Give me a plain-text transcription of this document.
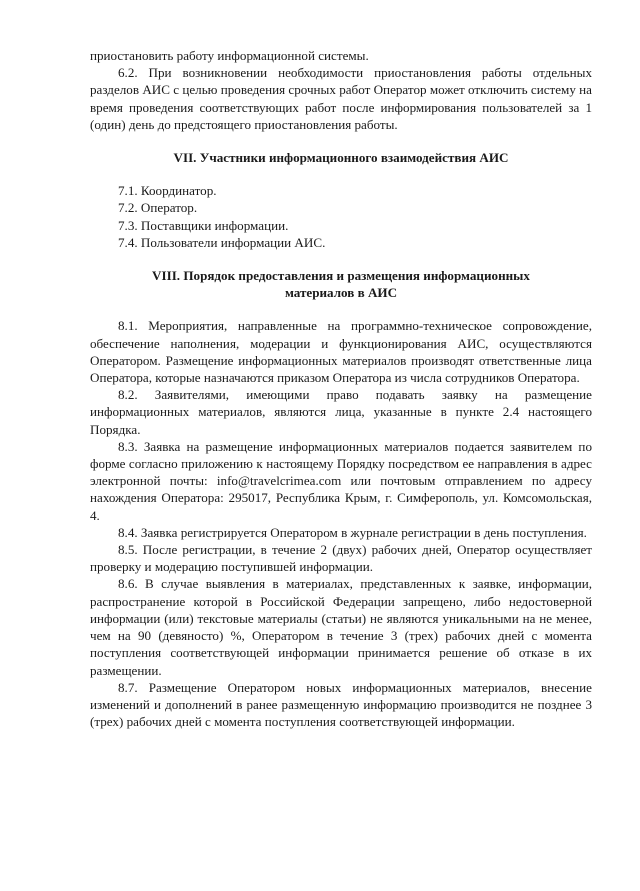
приостановить работу информационной системы.

6.2. При возникновении необходимости приостановления работы отдельных разделов АИС с целью проведения срочных работ Оператор может отключить систему на время проведения соответствующих работ после информирования пользователей за 1 (один) день до предстоящего приостановления работы.

VII. Участники информационного взаимодействия АИС

7.1. Координатор.

7.2. Оператор.

7.3. Поставщики информации.

7.4. Пользователи информации АИС.

VIII. Порядок предоставления и размещения информационных

материалов в АИС

8.1. Мероприятия, направленные на программно-техническое сопровождение, обеспечение наполнения, модерации и функционирования АИС, осуществляются Оператором. Размещение информационных материалов производят ответственные лица Оператора, которые назначаются приказом Оператора из числа сотрудников Оператора.

8.2. Заявителями, имеющими право подавать заявку на размещение информационных материалов, являются лица, указанные в пункте 2.4 настоящего Порядка.

8.3. Заявка на размещение информационных материалов подается заявителем по форме согласно приложению к настоящему Порядку посредством ее направления в адрес электронной почты: info@travelcrimea.com или почтовым отправлением по адресу нахождения Оператора: 295017, Республика Крым, г. Симферополь, ул. Комсомольская, 4.

8.4. Заявка регистрируется Оператором в журнале регистрации в день поступления.

8.5. После регистрации, в течение 2 (двух) рабочих дней, Оператор осуществляет проверку и модерацию поступившей информации.

8.6. В случае выявления в материалах, представленных к заявке, информации, распространение которой в Российской Федерации запрещено, либо недостоверной информации (или) текстовые материалы (статьи) не являются уникальными на не менее, чем на 90 (девяносто) %, Оператором в течение 3 (трех) рабочих дней с момента поступления соответствующей информации принимается решение об отказе в их размещении.

8.7. Размещение Оператором новых информационных материалов, внесение изменений и дополнений в ранее размещенную информацию производится не позднее 3 (трех) рабочих дней с момента поступления соответствующей информации.
